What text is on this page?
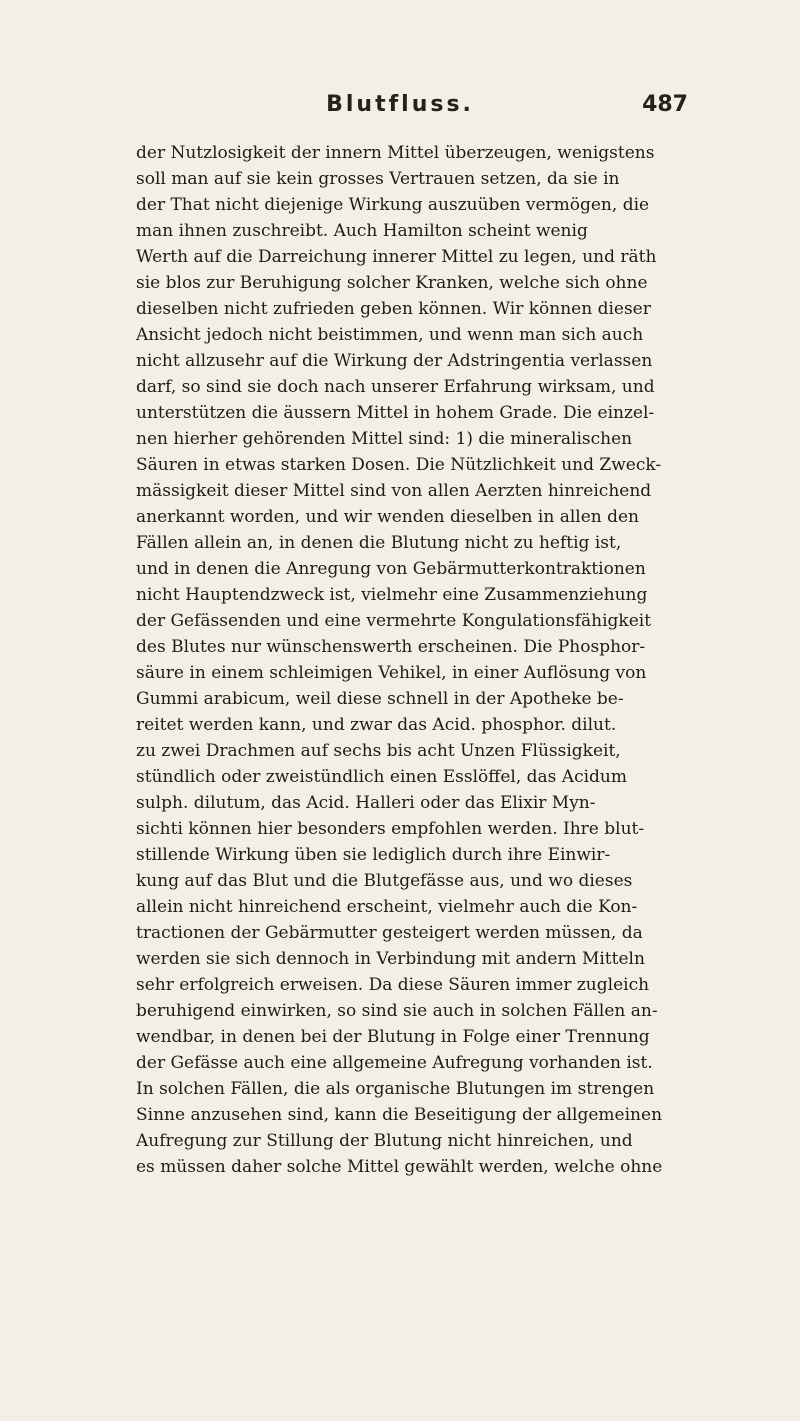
Blutfluss.	487
der Nutzlosigkeit der innern Mittel überzeugen, wenigstens
soll man auf sie kein grosses Vertrauen setzen, da sie in
der That nicht diejenige Wirkung auszuüben vermögen, die
man ihnen zuschreibt. Auch Hamilton scheint wenig
Werth auf die Darreichung innerer Mittel zu legen, und räth
sie blos zur Beruhigung solcher Kranken, welche sich ohne
dieselben nicht zufrieden geben können. Wir können dieser
Ansicht jedoch nicht beistimmen, und wenn man sich auch
nicht allzusehr auf die Wirkung der Adstringentia verlassen
darf, so sind sie doch nach unserer Erfahrung wirksam, und
unterstützen die äussern Mittel in hohem Grade. Die einzel-
nen hierher gehörenden Mittel sind: 1) die mineralischen
Säuren in etwas starken Dosen. Die Nützlichkeit und Zweck-
mässigkeit dieser Mittel sind von allen Aerzten hinreichend
anerkannt worden, und wir wenden dieselben in allen den
Fällen allein an, in denen die Blutung nicht zu heftig ist,
und in denen die Anregung von Gebärmutterkontraktionen
nicht Hauptendzweck ist, vielmehr eine Zusammenziehung
der Gefässenden und eine vermehrte Kongulationsfähigkeit
des Blutes nur wünschenswerth erscheinen. Die Phosphor-
säure in einem schleimigen Vehikel, in einer Auflösung von
Gummi arabicum, weil diese schnell in der Apotheke be-
reitet werden kann, und zwar das Acid. phosphor. dilut.
zu zwei Drachmen auf sechs bis acht Unzen Flüssigkeit,
stündlich oder zweistündlich einen Esslöffel, das Acidum
sulph. dilutum, das Acid. Halleri oder das Elixir Myn-
sichti können hier besonders empfohlen werden. Ihre blut-
stillende Wirkung üben sie lediglich durch ihre Einwir-
kung auf das Blut und die Blutgefässe aus, und wo dieses
allein nicht hinreichend erscheint, vielmehr auch die Kon-
tractionen der Gebärmutter gesteigert werden müssen, da
werden sie sich dennoch in Verbindung mit andern Mitteln
sehr erfolgreich erweisen. Da diese Säuren immer zugleich
beruhigend einwirken, so sind sie auch in solchen Fällen an-
wendbar, in denen bei der Blutung in Folge einer Trennung
der Gefässe auch eine allgemeine Aufregung vorhanden ist.
In solchen Fällen, die als organische Blutungen im strengen
Sinne anzusehen sind, kann die Beseitigung der allgemeinen
Aufregung zur Stillung der Blutung nicht hinreichen, und
es müssen daher solche Mittel gewählt werden, welche ohne
